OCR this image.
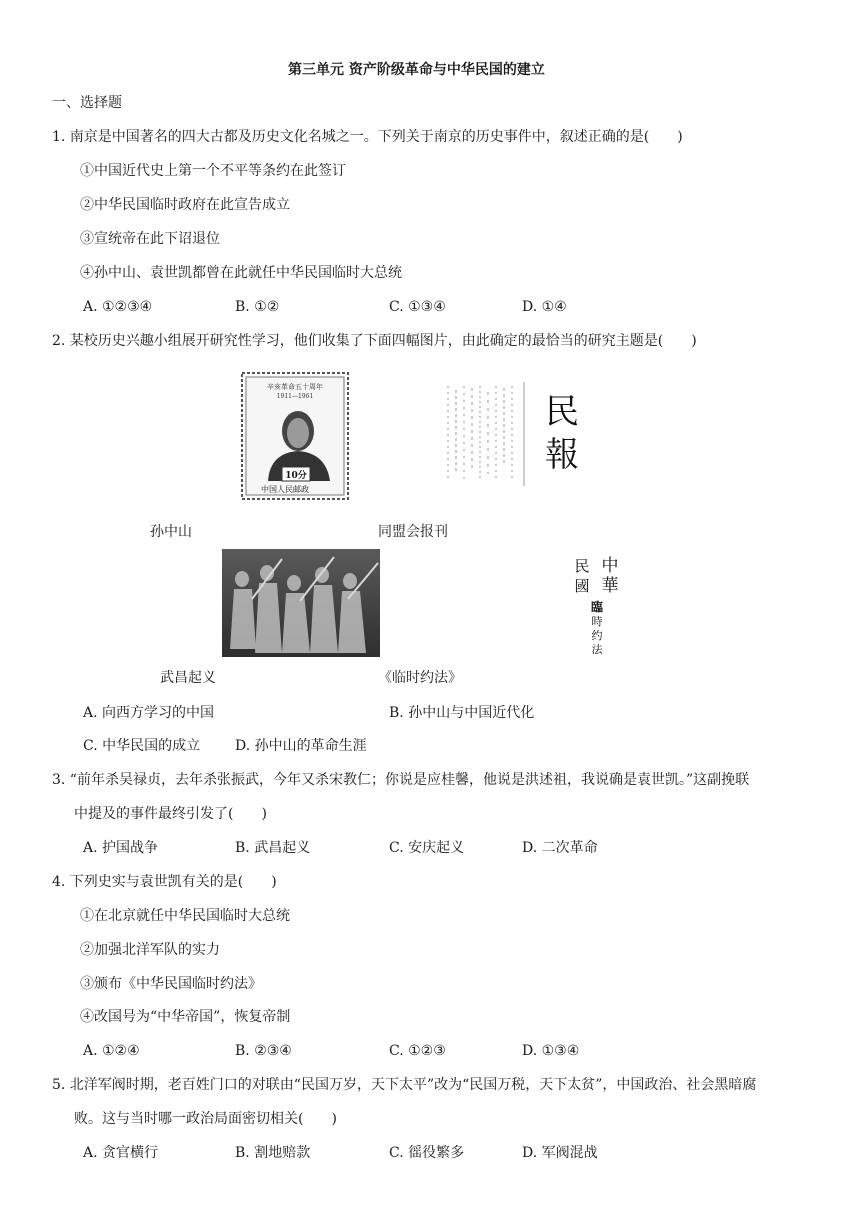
第三单元 资产阶级革命与中华民国的建立
一、选择题
1. 南京是中国著名的四大古都及历史文化名城之一。下列关于南京的历史事件中，叙述正确的是(　　)
①中国近代史上第一个不平等条约在此签订
②中华民国临时政府在此宣告成立
③宣统帝在此下诏退位
④孙中山、袁世凯都曾在此就任中华民国临时大总统
A. ①②③④	B. ①②	C. ①③④	D. ①④
2. 某校历史兴趣小组展开研究性学习，他们收集了下面四幅图片，由此确定的最恰当的研究主题是(　　)
辛亥革命五十周年
1911—1961
10分
中国人民邮政
民
報
孙中山	同盟会报刊
中
華
民
國
臨
時
约
法
武昌起义	《临时约法》
A. 向西方学习的中国	B. 孙中山与中国近代化
C. 中华民国的成立 D. 孙中山的革命生涯
3. “前年杀吴禄贞，去年杀张振武，今年又杀宋教仁；你说是应桂馨，他说是洪述祖，我说确是袁世凯。”这副挽联
中提及的事件最终引发了(　　)
A. 护国战争	B. 武昌起义	C. 安庆起义	D. 二次革命
4. 下列史实与袁世凯有关的是(　　)
①在北京就任中华民国临时大总统
②加强北洋军队的实力
③颁布《中华民国临时约法》
④改国号为“中华帝国”，恢复帝制
A. ①②④	B. ②③④	C. ①②③	D. ①③④
5. 北洋军阀时期，老百姓门口的对联由“民国万岁，天下太平”改为“民国万税，天下太贫”，中国政治、社会黑暗腐
败。这与当时哪一政治局面密切相关(　　)
A. 贪官横行	B. 割地赔款	C. 徭役繁多	D. 军阀混战
